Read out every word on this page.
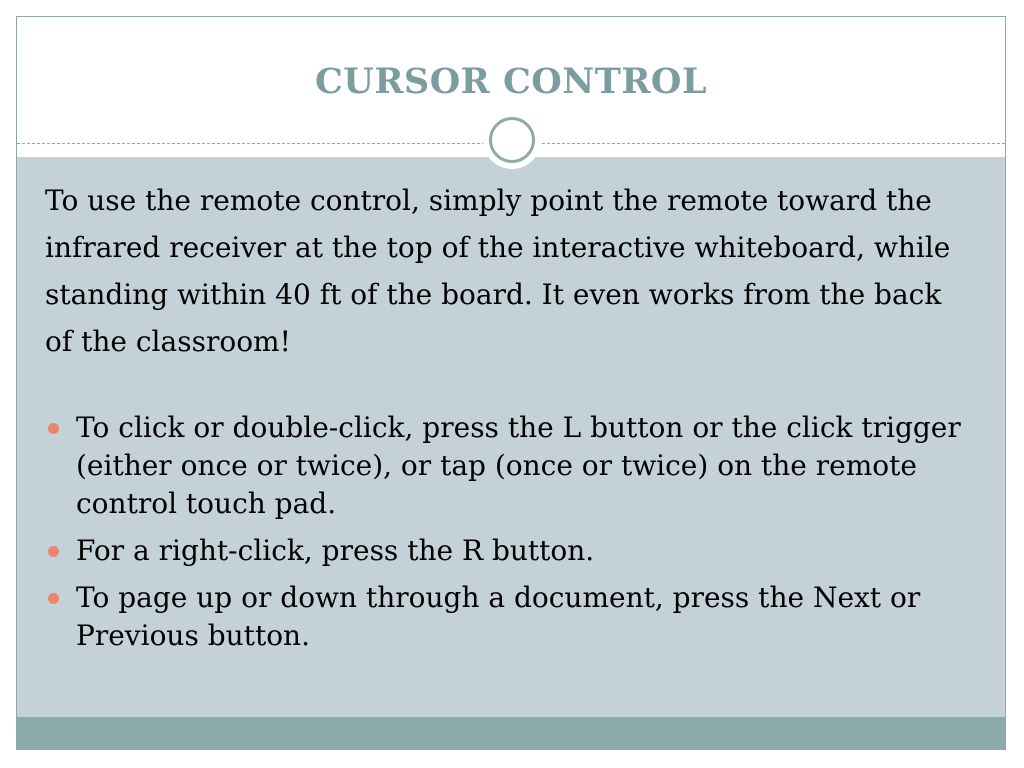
CURSOR CONTROL

To use the remote control, simply point the remote toward the infrared receiver at the top of the interactive whiteboard, while standing within 40 ft of the board. It even works from the back of the classroom!

To click or double-click, press the L button or the click trigger (either once or twice), or tap (once or twice) on the remote control touch pad.
For a right-click, press the R button.
To page up or down through a document, press the Next or Previous button.
